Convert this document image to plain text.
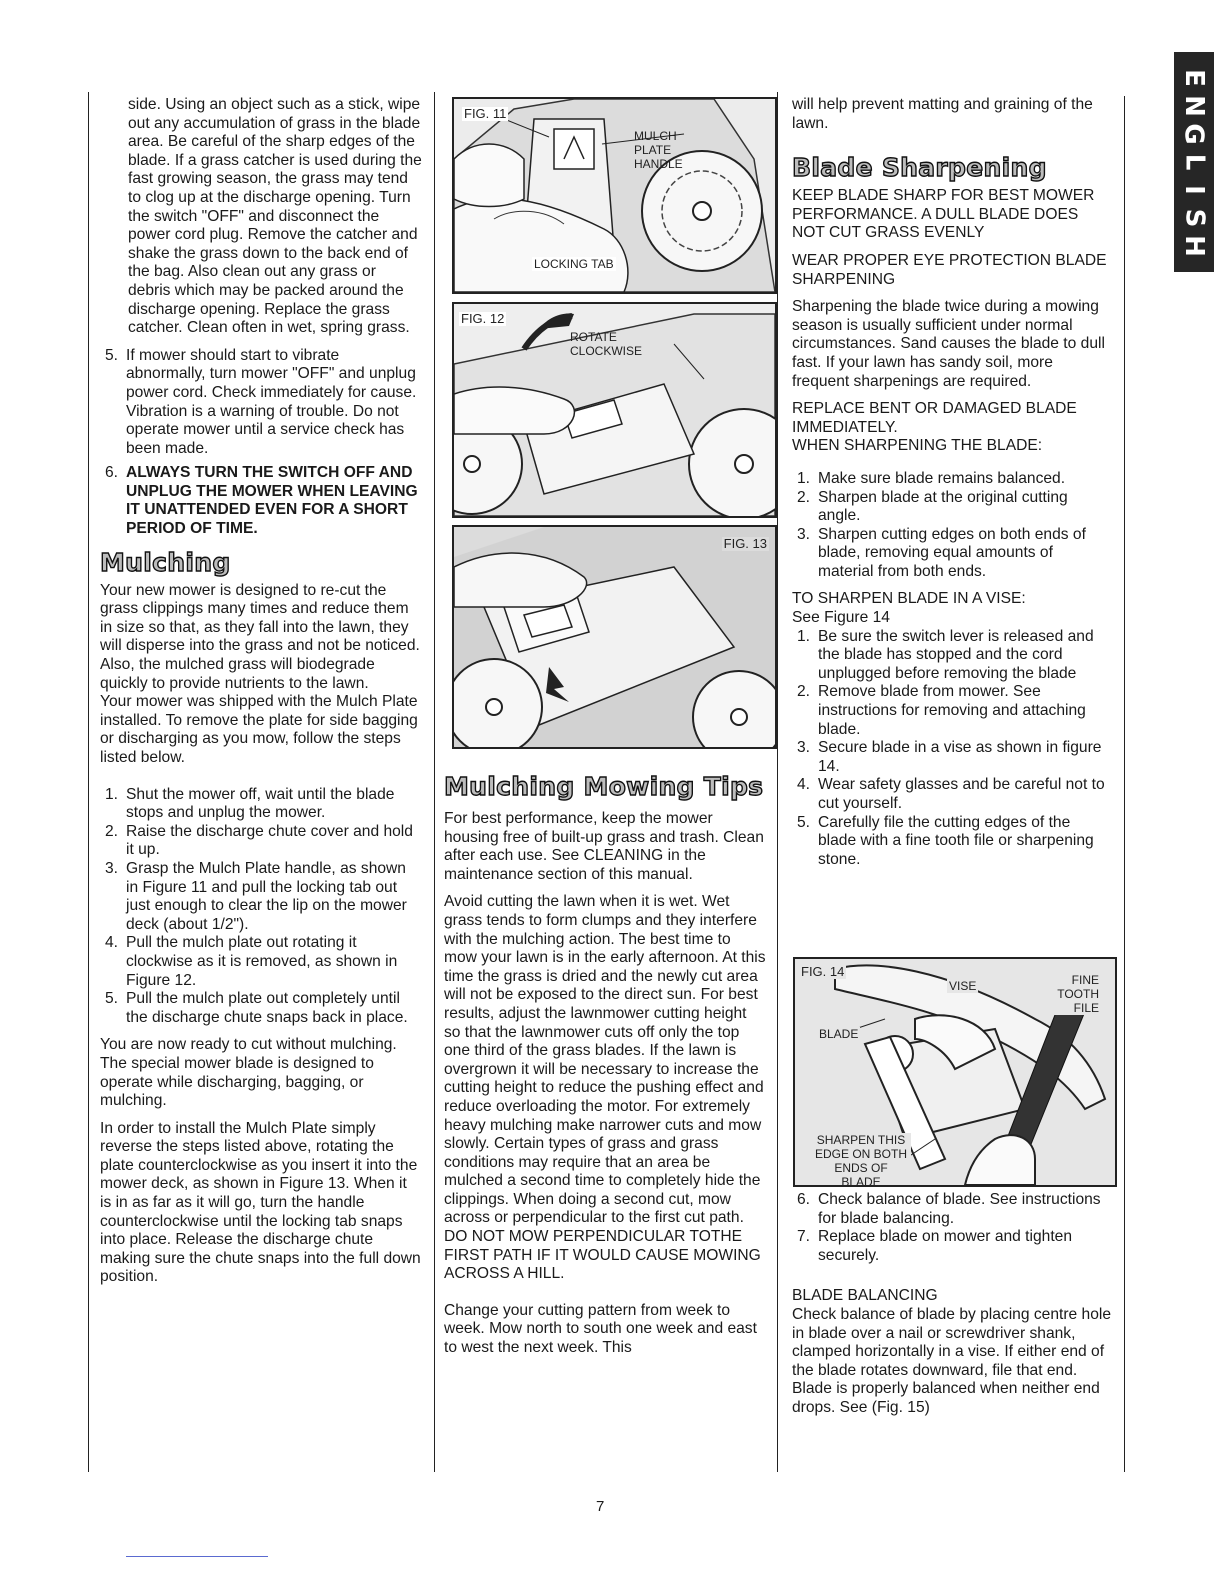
side. Using an object such as a stick, wipe out any accumulation of grass in the blade area. Be careful of the sharp edges of the blade. If a grass catcher is used during the fast growing season, the grass may tend to clog up at the discharge opening. Turn the switch "OFF" and disconnect the power cord plug. Remove the catcher and shake the grass down to the back end of the bag. Also clean out any grass or debris which may be packed around the discharge opening. Replace the grass catcher. Clean often in wet, spring grass.

5. If mower should start to vibrate abnormally, turn mower "OFF" and unplug power cord. Check immediately for cause. Vibration is a warning of trouble. Do not operate mower until a service check has been made.
6. ALWAYS TURN THE SWITCH OFF AND UNPLUG THE MOWER WHEN LEAVING IT UNATTENDED EVEN FOR A SHORT PERIOD OF TIME.
Mulching

Your new mower is designed to re-cut the grass clippings many times and reduce them in size so that, as they fall into the lawn, they will disperse into the grass and not be noticed. Also, the mulched grass will biodegrade quickly to provide nutrients to the lawn.

Your mower was shipped with the Mulch Plate installed. To remove the plate for side bagging or discharging as you mow, follow the steps listed below.

1. Shut the mower off, wait until the blade stops and unplug the mower.
2. Raise the discharge chute cover and hold it up.
3. Grasp the Mulch Plate handle, as shown in Figure 11 and pull the locking tab out just enough to clear the lip on the mower deck (about 1/2").
4. Pull the mulch plate out rotating it clockwise as it is removed, as shown in Figure 12.
5. Pull the mulch plate out completely until the discharge chute snaps back in place.

You are now ready to cut without mulching. The special mower blade is designed to operate while discharging, bagging, or mulching.

In order to install the Mulch Plate simply reverse the steps listed above, rotating the plate counterclockwise as you insert it into the mower deck, as shown in Figure 13. When it is in as far as it will go, turn the handle counterclockwise until the locking tab snaps into place. Release the discharge chute making sure the chute snaps into the full down position.

FIG. 11
MULCH PLATE HANDLE
LOCKING TAB
FIG. 12
ROTATE CLOCKWISE
FIG. 13
Mulching Mowing Tips

For best performance, keep the mower housing free of built-up grass and trash. Clean after each use. See CLEANING in the maintenance section of this manual.

Avoid cutting the lawn when it is wet. Wet grass tends to form clumps and they interfere with the mulching action. The best time to mow your lawn is in the early afternoon. At this time the grass is dried and the newly cut area will not be exposed to the direct sun. For best results, adjust the lawnmower cutting height so that the lawnmower cuts off only the top one third of the grass blades. If the lawn is overgrown it will be necessary to increase the cutting height to reduce the pushing effect and reduce overloading the motor. For extremely heavy mulching make narrower cuts and mow slowly. Certain types of grass and grass conditions may require that an area be mulched a second time to completely hide the clippings. When doing a second cut, mow across or perpendicular to the first cut path. DO NOT MOW PERPENDICULAR TOTHE FIRST PATH IF IT WOULD CAUSE MOWING ACROSS A HILL.

Change your cutting pattern from week to week. Mow north to south one week and east to west the next week. This

will help prevent matting and graining of the lawn.

Blade Sharpening

KEEP BLADE SHARP FOR BEST MOWER PERFORMANCE. A DULL BLADE DOES NOT CUT GRASS EVENLY

WEAR PROPER EYE PROTECTION BLADE SHARPENING

Sharpening the blade twice during a mowing season is usually sufficient under normal circumstances. Sand causes the blade to dull fast. If your lawn has sandy soil, more frequent sharpenings are required.

REPLACE BENT OR DAMAGED BLADE IMMEDIATELY.
WHEN SHARPENING THE BLADE:

1. Make sure blade remains balanced.
2. Sharpen blade at the original cutting angle.
3. Sharpen cutting edges on both ends of blade, removing equal amounts of material from both ends.

TO SHARPEN BLADE IN A VISE:
See Figure 14

1. Be sure the switch lever is released and the blade has stopped and the cord unplugged before removing the blade
2. Remove blade from mower. See instructions for removing and attaching blade.
3. Secure blade in a vise as shown in figure 14.
4. Wear safety glasses and be careful not to cut yourself.
5. Carefully file the cutting edges of the blade with a fine tooth file or sharpening stone.
FIG. 14
VISE	FINE TOOTH FILE
BLADE
SHARPEN THIS EDGE ON BOTH ENDS OF BLADE
6. Check balance of blade. See instructions for blade balancing.
7. Replace blade on mower and tighten securely.

BLADE BALANCING
Check balance of blade by placing centre hole in blade over a nail or screwdriver shank, clamped horizontally in a vise. If either end of the blade rotates downward, file that end. Blade is properly balanced when neither end drops. See (Fig. 15)

E
N
G
L
I
S
H
7
